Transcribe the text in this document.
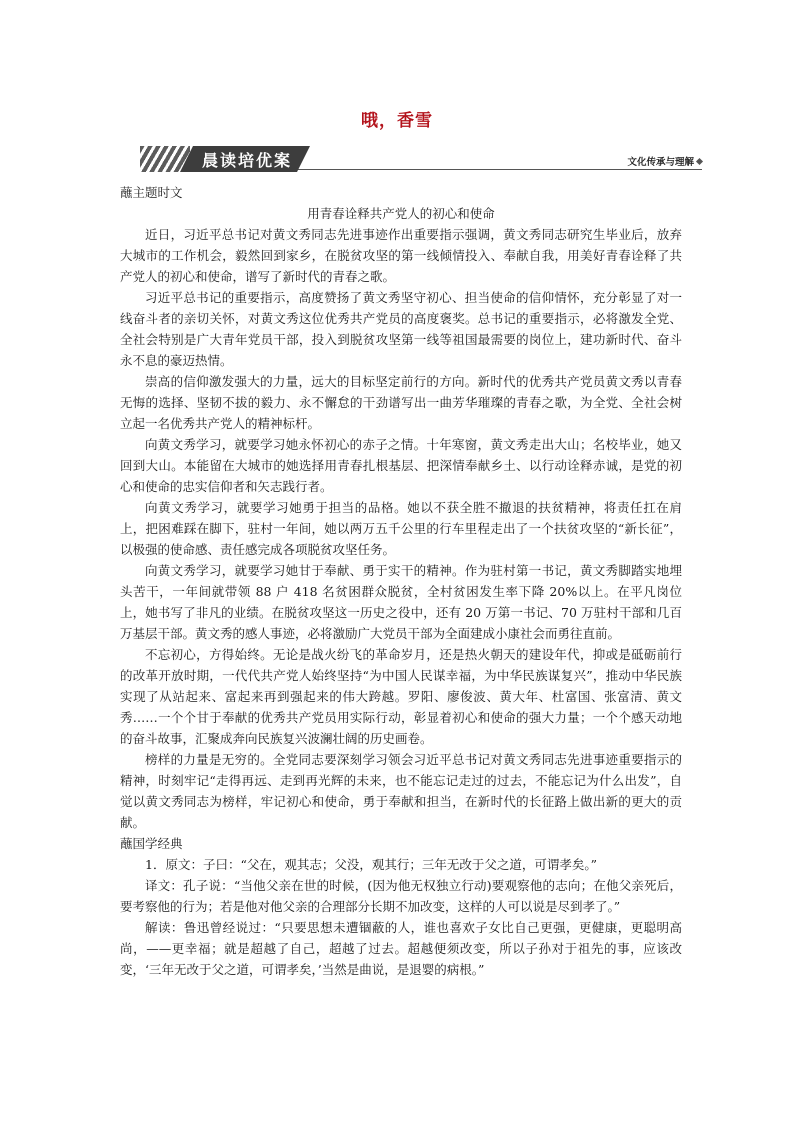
哦，香雪
晨读培优案	文化传承与理解

蘸主题时文

用青春诠释共产党人的初心和使命

近日，习近平总书记对黄文秀同志先进事迹作出重要指示强调，黄文秀同志研究生毕业后，放弃大城市的工作机会，毅然回到家乡，在脱贫攻坚的第一线倾情投入、奉献自我，用美好青春诠释了共产党人的初心和使命，谱写了新时代的青春之歌。

习近平总书记的重要指示，高度赞扬了黄文秀坚守初心、担当使命的信仰情怀，充分彰显了对一线奋斗者的亲切关怀，对黄文秀这位优秀共产党员的高度褒奖。总书记的重要指示，必将激发全党、全社会特别是广大青年党员干部，投入到脱贫攻坚第一线等祖国最需要的岗位上，建功新时代、奋斗永不息的豪迈热情。

崇高的信仰激发强大的力量，远大的目标坚定前行的方向。新时代的优秀共产党员黄文秀以青春无悔的选择、坚韧不拔的毅力、永不懈怠的干劲谱写出一曲芳华璀璨的青春之歌，为全党、全社会树立起一名优秀共产党人的精神标杆。

向黄文秀学习，就要学习她永怀初心的赤子之情。十年寒窗，黄文秀走出大山；名校毕业，她又回到大山。本能留在大城市的她选择用青春扎根基层、把深情奉献乡土、以行动诠释赤诚，是党的初心和使命的忠实信仰者和矢志践行者。

向黄文秀学习，就要学习她勇于担当的品格。她以不获全胜不撤退的扶贫精神，将责任扛在肩上，把困难踩在脚下，驻村一年间，她以两万五千公里的行车里程走出了一个扶贫攻坚的“新长征”，以极强的使命感、责任感完成各项脱贫攻坚任务。

向黄文秀学习，就要学习她甘于奉献、勇于实干的精神。作为驻村第一书记，黄文秀脚踏实地埋头苦干，一年间就带领 88 户 418 名贫困群众脱贫，全村贫困发生率下降 20%以上。在平凡岗位上，她书写了非凡的业绩。在脱贫攻坚这一历史之役中，还有 20 万第一书记、70 万驻村干部和几百万基层干部。黄文秀的感人事迹，必将激励广大党员干部为全面建成小康社会而勇往直前。

不忘初心，方得始终。无论是战火纷飞的革命岁月，还是热火朝天的建设年代，抑或是砥砺前行的改革开放时期，一代代共产党人始终坚持“为中国人民谋幸福，为中华民族谋复兴”，推动中华民族实现了从站起来、富起来再到强起来的伟大跨越。罗阳、廖俊波、黄大年、杜富国、张富清、黄文秀……一个个甘于奉献的优秀共产党员用实际行动，彰显着初心和使命的强大力量；一个个感天动地的奋斗故事，汇聚成奔向民族复兴波澜壮阔的历史画卷。

榜样的力量是无穷的。全党同志要深刻学习领会习近平总书记对黄文秀同志先进事迹重要指示的精神，时刻牢记“走得再远、走到再光辉的未来，也不能忘记走过的过去，不能忘记为什么出发”，自觉以黄文秀同志为榜样，牢记初心和使命，勇于奉献和担当，在新时代的长征路上做出新的更大的贡献。

蘸国学经典

1．原文：子曰：“父在，观其志；父没，观其行；三年无改于父之道，可谓孝矣。”

译文：孔子说：“当他父亲在世的时候，(因为他无权独立行动)要观察他的志向；在他父亲死后，要考察他的行为；若是他对他父亲的合理部分长期不加改变，这样的人可以说是尽到孝了。”

解读：鲁迅曾经说过：“只要思想未遭锢蔽的人，谁也喜欢子女比自己更强，更健康，更聪明高尚，——更幸福；就是超越了自己，超越了过去。超越便须改变，所以子孙对于祖先的事，应该改变，‘三年无改于父之道，可谓孝矣，’当然是曲说，是退婴的病根。”
